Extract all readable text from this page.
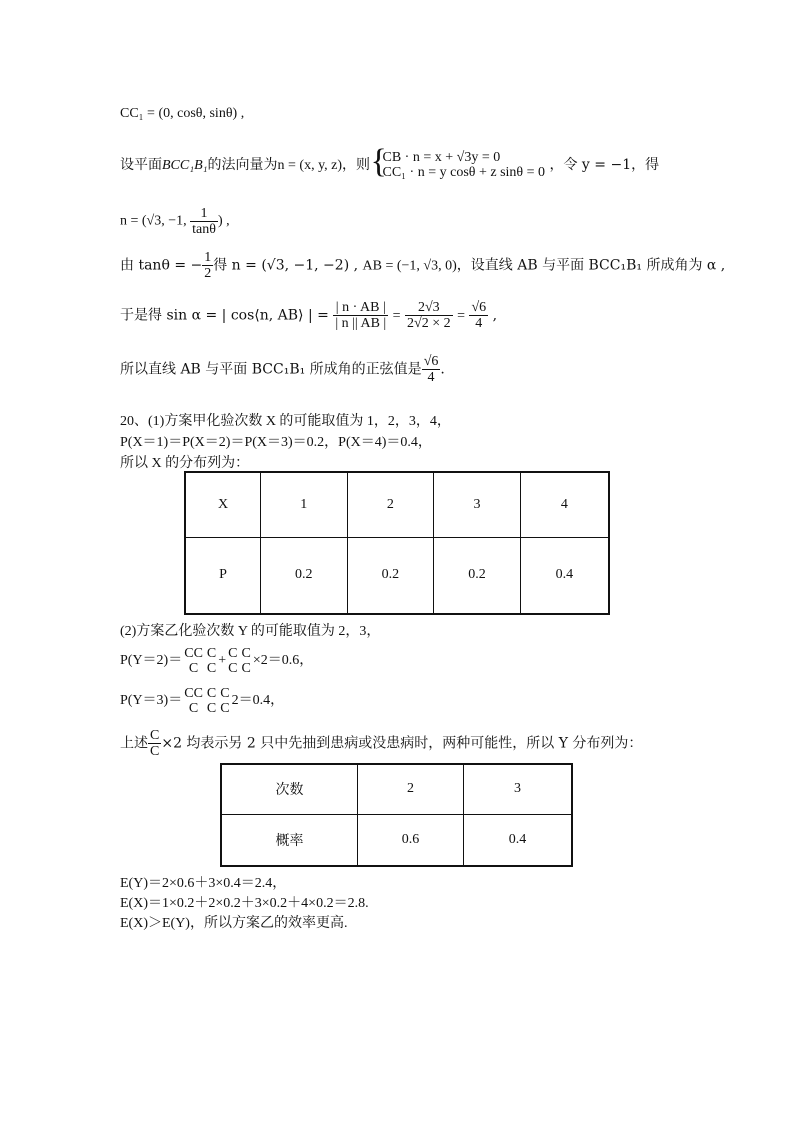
CC₁ = (0, cosθ, sinθ) ,
设平面BCC₁B₁的法向量为n = (x, y, z)，则 { CB · n = x + √3y = 0
CC₁ · n = y cosθ + z sinθ = 0 ，令 y = −1，得
n = (√3, −1, $\frac{1}{\tan\theta}$ ) ,
由 tanθ = − $\frac{1}{2}$ 得 n = (√3, −1, −2) , AB = (−1, √3, 0)，设直线 AB 与平面 BCC₁B₁ 所成角为 α ,
于是得 sin α = | cos⟨n, AB⟩ | = $\frac{| n \cdot AB |}{| n || AB |} = \frac{2√3}{2√2 \times 2} = \frac{√6}{4}$ ,
所以直线 AB 与平面 BCC₁B₁ 所成角的正弦值是 $\frac{√6}{4}$ .
20、(1)方案甲化验次数 X 的可能取值为 1，2，3，4，
P(X＝1)＝P(X＝2)＝P(X＝3)＝0.2，P(X＝4)＝0.4，
所以 X 的分布列为：
X	1	2	3	4
P	0.2	0.2	0.2	0.4
(2)方案乙化验次数 Y 的可能取值为 2，3，
P(Y＝2)＝ CC
C
C
C
+ C
C
C
C
×2＝0.6，
P(Y＝3)＝ CC
C
C
C
C
C
2＝0.4，
上述 $\frac{C}{C} \times 2$ 均表示另 2 只中先抽到患病或没患病时，两种可能性，所以 Y 分布列为：
次数	2	3
概率	0.6	0.4
E(Y)＝2×0.6＋3×0.4＝2.4，
E(X)＝1×0.2＋2×0.2＋3×0.2＋4×0.2＝2.8.
E(X)＞E(Y)，所以方案乙的效率更高.
